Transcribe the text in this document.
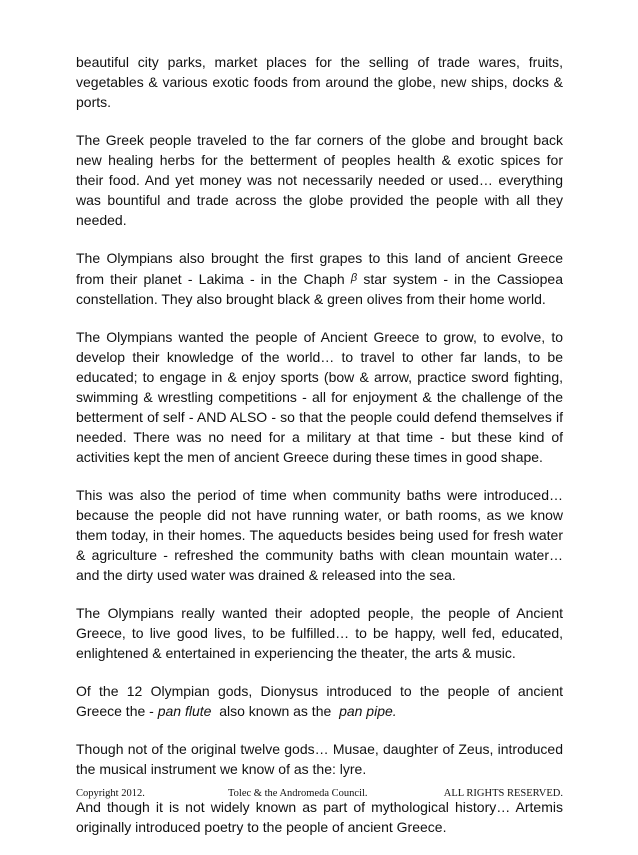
beautiful city parks, market places for the selling of trade wares, fruits, vegetables & various exotic foods from around the globe, new ships, docks & ports.

The Greek people traveled to the far corners of the globe and brought back new healing herbs for the betterment of peoples health & exotic spices for their food. And yet money was not necessarily needed or used… everything was bountiful and trade across the globe provided the people with all they needed.

The Olympians also brought the first grapes to this land of ancient Greece from their planet - Lakima - in the Chaph $^\beta$ star system - in the Cassiopea constellation. They also brought black & green olives from their home world.

The Olympians wanted the people of Ancient Greece to grow, to evolve, to develop their knowledge of the world… to travel to other far lands, to be educated; to engage in & enjoy sports (bow & arrow, practice sword fighting, swimming & wrestling competitions - all for enjoyment & the challenge of the betterment of self - AND ALSO - so that the people could defend themselves if needed. There was no need for a military at that time - but these kind of activities kept the men of ancient Greece during these times in good shape.

This was also the period of time when community baths were introduced… because the people did not have running water, or bath rooms, as we know them today, in their homes. The aqueducts besides being used for fresh water & agriculture - refreshed the community baths with clean mountain water… and the dirty used water was drained & released into the sea.

The Olympians really wanted their adopted people, the people of Ancient Greece, to live good lives, to be fulfilled… to be happy, well fed, educated, enlightened & entertained in experiencing the theater, the arts & music.

Of the 12 Olympian gods, Dionysus introduced to the people of ancient Greece the - pan flute  also known as the  pan pipe.

Though not of the original twelve gods… Musae, daughter of Zeus, introduced the musical instrument we know of as the: lyre.

And though it is not widely known as part of mythological history… Artemis originally introduced poetry to the people of ancient Greece.

Copyright 2012.	Tolec & the Andromeda Council.	ALL RIGHTS RESERVED.
